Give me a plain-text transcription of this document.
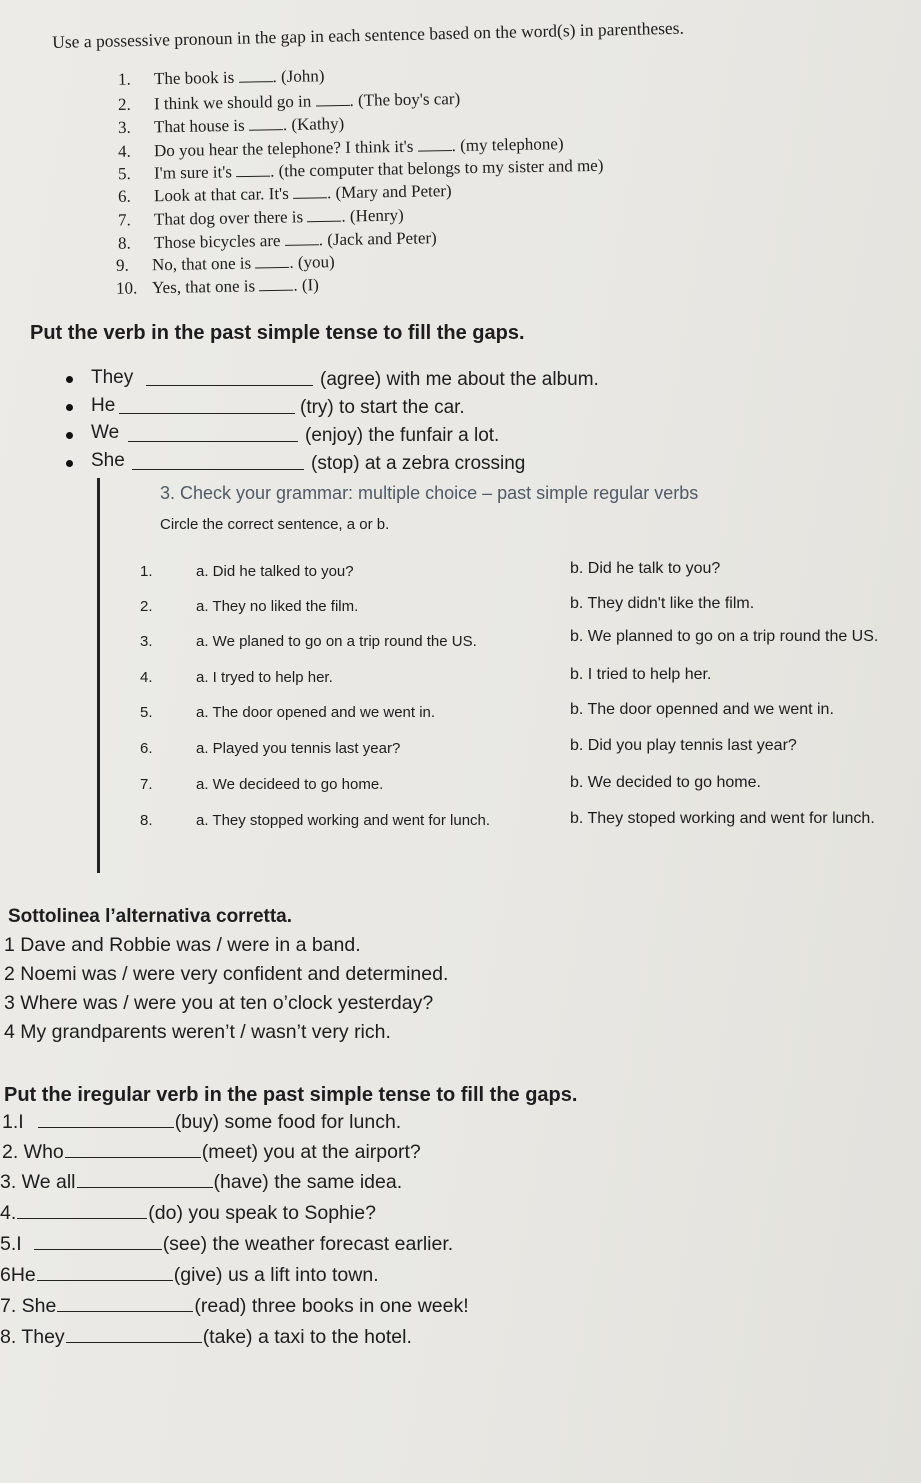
Use a possessive pronoun in the gap in each sentence based on the word(s) in parentheses.
1. The book is . (John)
2. I think we should go in . (The boy's car)
3. That house is . (Kathy)
4. Do you hear the telephone? I think it's . (my telephone)
5. I'm sure it's . (the computer that belongs to my sister and me)
6. Look at that car. It's . (Mary and Peter)
7. That dog over there is . (Henry)
8. Those bicycles are . (Jack and Peter)
9. No, that one is . (you)
10. Yes, that one is . (I)
Put the verb in the past simple tense to fill the gaps.
They	(agree) with me about the album.
He	(try) to start the car.
We	(enjoy) the funfair a lot.
She	(stop) at a zebra crossing
3. Check your grammar: multiple choice – past simple regular verbs
Circle the correct sentence, a or b.
1.	a. Did he talked to you?	b. Did he talk to you?
2.	a. They no liked the film.	b. They didn't like the film.
3.	a. We planed to go on a trip round the US.	b. We planned to go on a trip round the US.
4.	a. I tryed to help her.	b. I tried to help her.
5.	a. The door opened and we went in.	b. The door openned and we went in.
6.	a. Played you tennis last year?	b. Did you play tennis last year?
7.	a. We decideed to go home.	b. We decided to go home.
8.	a. They stopped working and went for lunch.	b. They stoped working and went for lunch.
Sottolinea l’alternativa corretta.
1 Dave and Robbie was / were in a band.
2 Noemi was / were very confident and determined.
3 Where was / were you at ten o’clock yesterday?
4 My grandparents weren’t / wasn’t very rich.
Put the iregular verb in the past simple tense to fill the gaps.
1.I	(buy) some food for lunch.
2. Who	(meet) you at the airport?
3. We all	(have) the same idea.
4.	(do) you speak to Sophie?
5.I	(see) the weather forecast earlier.
6He	(give) us a lift into town.
7. She	(read) three books in one week!
8. They	(take) a taxi to the hotel.
